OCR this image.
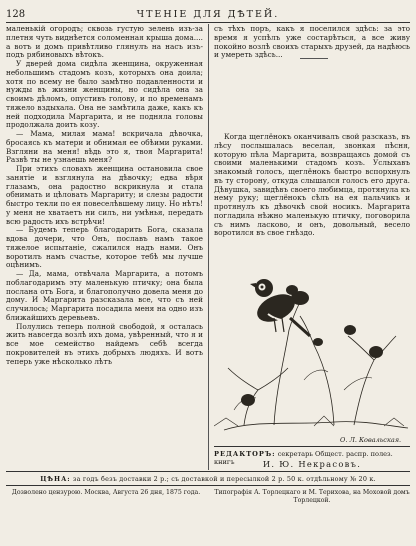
128	ЧТЕНІЕ ДЛЯ ДѢТЕЙ.

маленькій огородъ; сквозь густую зелень изъ-за плетня чуть виднѣется соломенная крыша дома.... а вотъ и домъ привѣтливо глянулъ на насъ изъ-подъ рябиновыхъ вѣтокъ.

У дверей дома сидѣла женщина, окруженная небольшимъ стадомъ козъ, которыхъ она доила; хотя по всему не было замѣтно подавленности и нужды въ жизни женщины, но сидѣла она за своимъ дѣломъ, опустивъ голову, и по временамъ тяжело вздыхала. Она не замѣтила даже, какъ къ ней подходила Маргарита, и не подняла головы продолжала доить козу.

— Мама, милая мама! вскричала дѣвочка, бросаясь къ матери и обнимая ее обѣими руками. Взгляни на меня! вѣдь это я, твоя Маргарита! Развѣ ты не узнаешь меня?

При этихъ словахъ женщина остановила свое занятіе и взглянула на дѣвочку; едва вѣря глазамъ, она радостно вскрикнула и стала обнимать и цѣловать Маргариту; и слезы радости быстро текли по ея повеселѣвшему лицу. Но нѣтъ! у меня не хватаетъ ни силъ, ни умѣнья, передать всю радость ихъ встрѣчи!

— Будемъ теперь благодарить Бога, сказала вдова дочери, что Онъ, пославъ намъ такое тяжелое испытаніе, сжалился надъ нами. Онъ воротилъ намъ счастье, которое тебѣ мы лучше оцѣнимъ.

— Да, мама, отвѣчала Маргарита, а потомъ поблагодаримъ эту маленькую птичку; она была послана отъ Бога, и благополучно довела меня до дому. И Маргарита разсказала все, что съ ней случилось; Маргарита посадила меня на одно изъ ближайшихъ деревьевъ.

Полулись теперь полной свободой, я осталась жить навсегда возлѣ ихъ дома, увѣренный, что я и все мое семейство найдемъ себѣ всегда покровителей въ этихъ добрыхъ людяхъ. И вотъ теперь уже нѣсколько лѣтъ

съ тѣхъ поръ, какъ я поселился здѣсь: за это время я успѣлъ уже состарѣться, а все живу покойно возлѣ своихъ старыхъ друзей, да надѣюсь и умереть здѣсь...

Когда щеглёнокъ оканчивалъ свой разсказъ, въ лѣсу послышалась веселая, звонкая пѣсня, которую пѣла Маргарита, возвращаясь домой съ своими маленькими стадомъ козъ. Услыхавъ знакомый голосъ, щеглёнокъ быстро вспорхнулъ въ ту сторону, откуда слышался голосъ его друга. Дѣвушка, завидѣвъ своего любимца, протянула къ нему руку; щеглёнокъ сѣлъ на ея пальчикъ и протянулъ къ дѣвочкѣ свой носикъ. Маргарита погладила нѣжно маленькую птичку, поговорила съ нимъ ласково, и онъ, довольный, весело воротился въ свое гнѣздо.

О. Л. Ковальская.
РЕДАКТОРЪ: секретарь Общест. распр. полез. книгъ	И. Ю. Некрасовъ.
ЦѢНА: за годъ безъ доставки 2 р.; съ доставкой и пересылкой 2 р. 50 к. отдѣльному № 20 к.
Дозволено цензурою. Москва, Августа 26 дня, 1875 года.	Типографія А. Торлецкаго и М. Терихова, на Моховой домъ Торлецкой.
